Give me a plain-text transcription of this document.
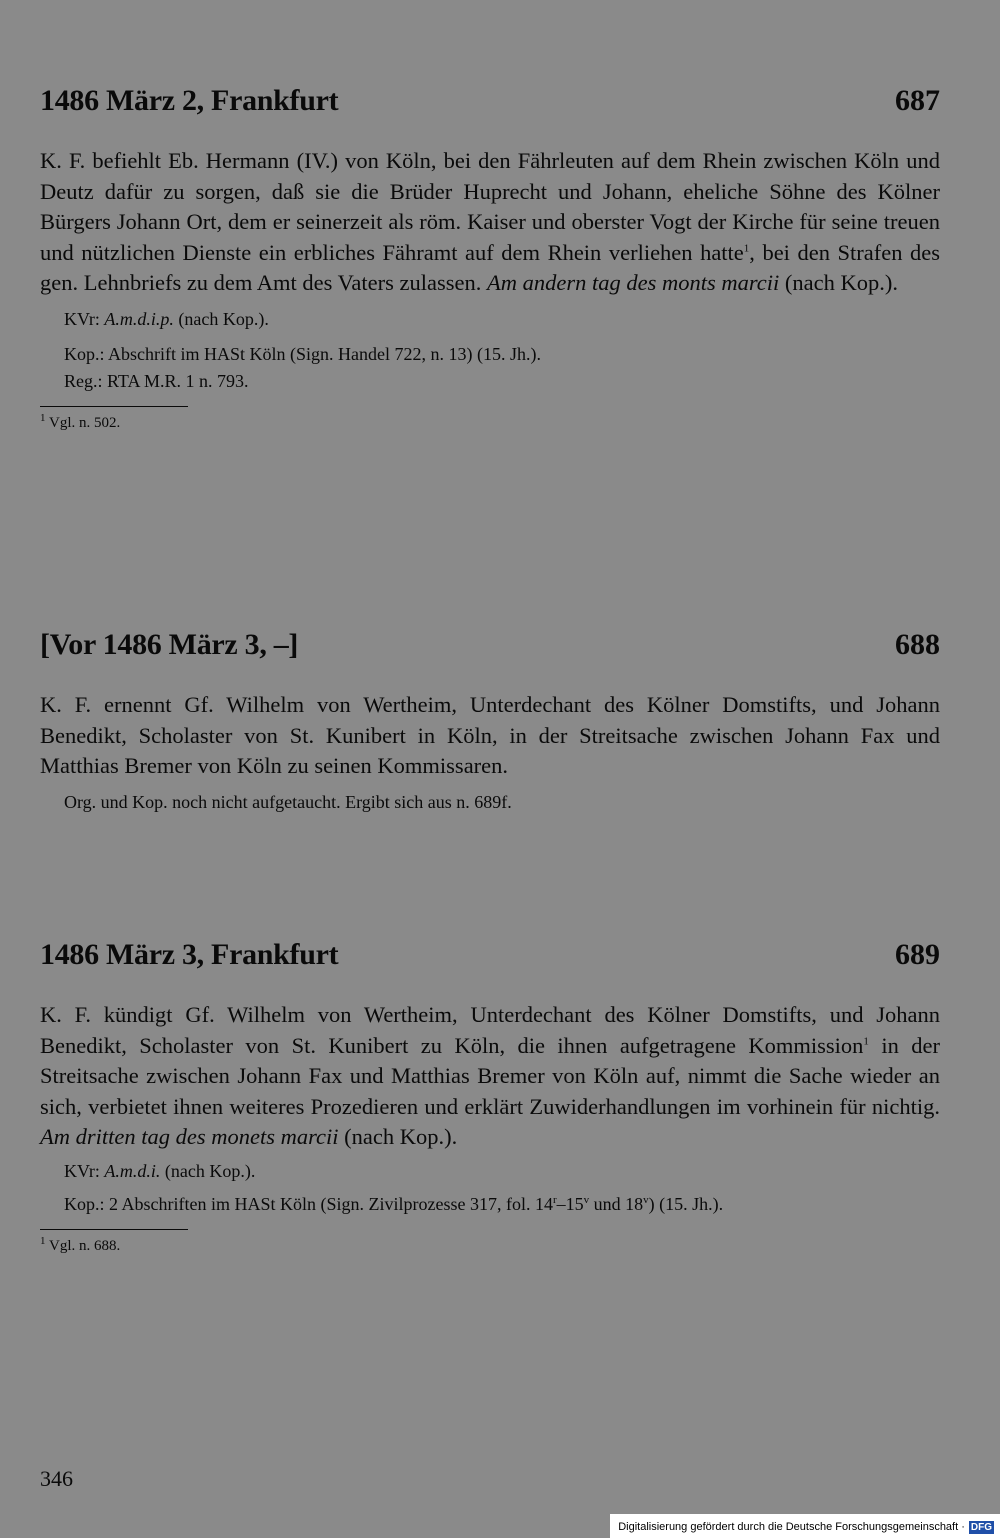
1486 März 2, Frankfurt	687

K. F. befiehlt Eb. Hermann (IV.) von Köln, bei den Fährleuten auf dem Rhein zwischen Köln und Deutz dafür zu sorgen, daß sie die Brüder Huprecht und Johann, eheliche Söhne des Kölner Bürgers Johann Ort, dem er seinerzeit als röm. Kaiser und oberster Vogt der Kirche für seine treuen und nützlichen Dienste ein erbliches Fähramt auf dem Rhein verliehen hatte$^1$, bei den Strafen des gen. Lehnbriefs zu dem Amt des Vaters zulassen. Am andern tag des monts marcii (nach Kop.).

KVr: A.m.d.i.p. (nach Kop.).
Kop.: Abschrift im HASt Köln (Sign. Handel 722, n. 13) (15. Jh.).
Reg.: RTA M.R. 1 n. 793.
$^1$ Vgl. n. 502.
[Vor 1486 März 3, –]	688

K. F. ernennt Gf. Wilhelm von Wertheim, Unterdechant des Kölner Domstifts, und Johann Benedikt, Scholaster von St. Kunibert in Köln, in der Streitsache zwischen Johann Fax und Matthias Bremer von Köln zu seinen Kommissaren.

Org. und Kop. noch nicht aufgetaucht. Ergibt sich aus n. 689f.
1486 März 3, Frankfurt	689

K. F. kündigt Gf. Wilhelm von Wertheim, Unterdechant des Kölner Domstifts, und Johann Benedikt, Scholaster von St. Kunibert zu Köln, die ihnen aufgetragene Kommission$^1$ in der Streitsache zwischen Johann Fax und Matthias Bremer von Köln auf, nimmt die Sache wieder an sich, verbietet ihnen weiteres Prozedieren und erklärt Zuwiderhandlungen im vorhinein für nichtig. Am dritten tag des monets marcii (nach Kop.).

KVr: A.m.d.i. (nach Kop.).
Kop.: 2 Abschriften im HASt Köln (Sign. Zivilprozesse 317, fol. 14$^r$–15$^v$ und 18$^v$) (15. Jh.).
$^1$ Vgl. n. 688.
346
Digitalisierung gefördert durch die Deutsche Forschungsgemeinschaft · DFG
